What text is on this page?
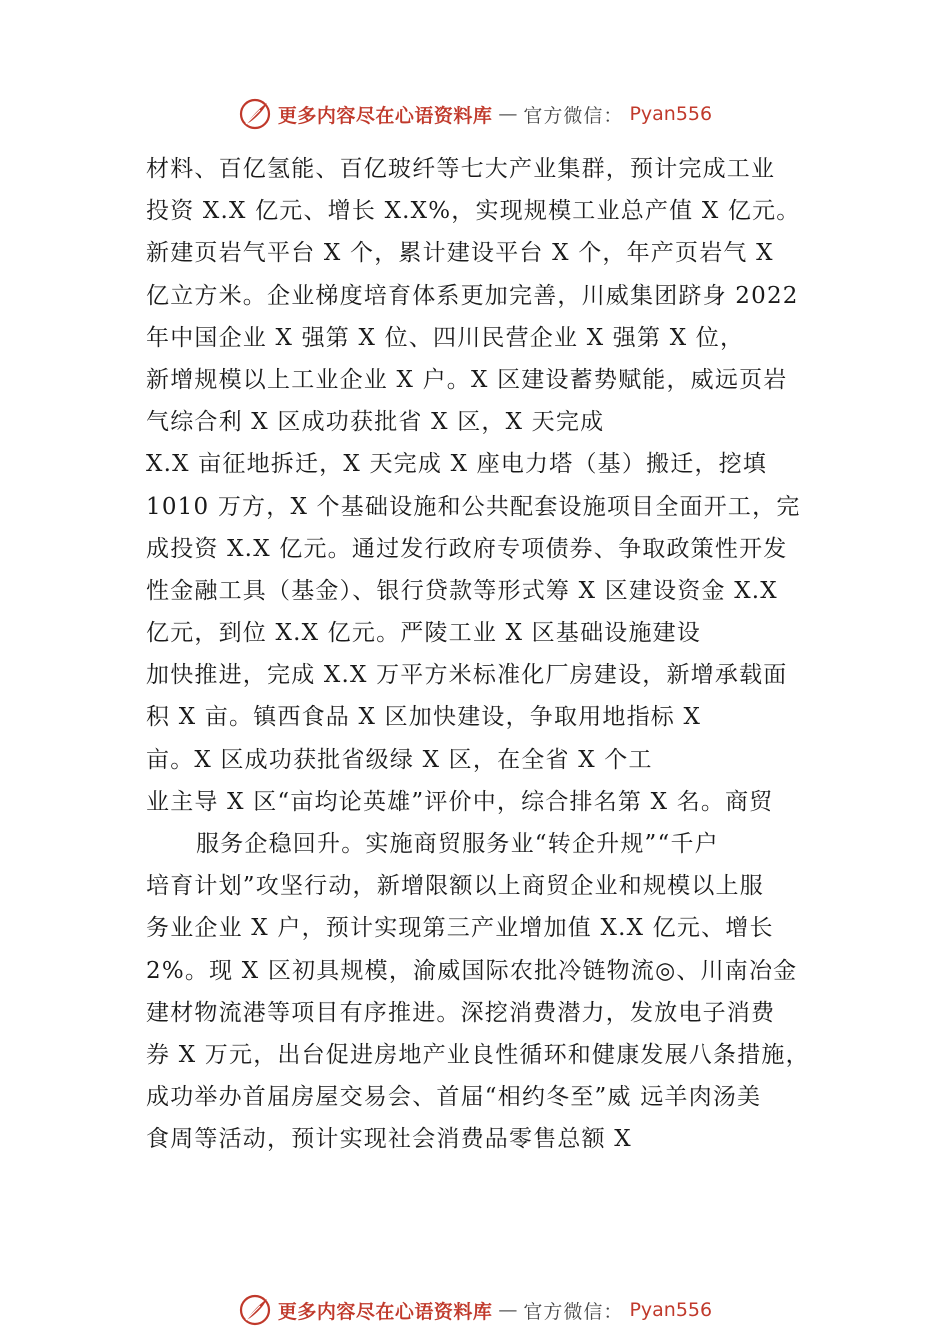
更多内容尽在心语资料库 — 官方微信： Pyan556
材料、百亿氢能、百亿玻纤等七大产业集群，预计完成工业
投资 X.X 亿元、增长 X.X%，实现规模工业总产值 X 亿元。
新建页岩气平台 X 个，累计建设平台 X 个，年产页岩气 X
亿立方米。企业梯度培育体系更加完善，川威集团跻身 2022
年中国企业 X 强第 X 位、四川民营企业 X 强第 X 位，
新增规模以上工业企业 X 户。X 区建设蓄势赋能，威远页岩
气综合利 X 区成功获批省 X 区，X 天完成
X.X 亩征地拆迁，X 天完成 X 座电力塔（基）搬迁，挖填
1010 万方，X 个基础设施和公共配套设施项目全面开工，完
成投资 X.X 亿元。通过发行政府专项债券、争取政策性开发
性金融工具（基金）、银行贷款等形式筹 X 区建设资金 X.X
亿元，到位 X.X 亿元。严陵工业 X 区基础设施建设
加快推进，完成 X.X 万平方米标准化厂房建设，新增承载面
积 X 亩。镇西食品 X 区加快建设，争取用地指标 X
亩。X 区成功获批省级绿 X 区，在全省 X 个工
业主导 X 区“亩均论英雄”评价中，综合排名第 X 名。商贸
服务企稳回升。实施商贸服务业“转企升规”“千户
培育计划”攻坚行动，新增限额以上商贸企业和规模以上服
务业企业 X 户，预计实现第三产业增加值 X.X 亿元、增长
2%。现 X 区初具规模，渝威国际农批冷链物流◎、川南冶金
建材物流港等项目有序推进。深挖消费潜力，发放电子消费
券 X 万元，出台促进房地产业良性循环和健康发展八条措施，
成功举办首届房屋交易会、首届“相约冬至”威 远羊肉汤美
食周等活动，预计实现社会消费品零售总额 X
更多内容尽在心语资料库 — 官方微信： Pyan556
